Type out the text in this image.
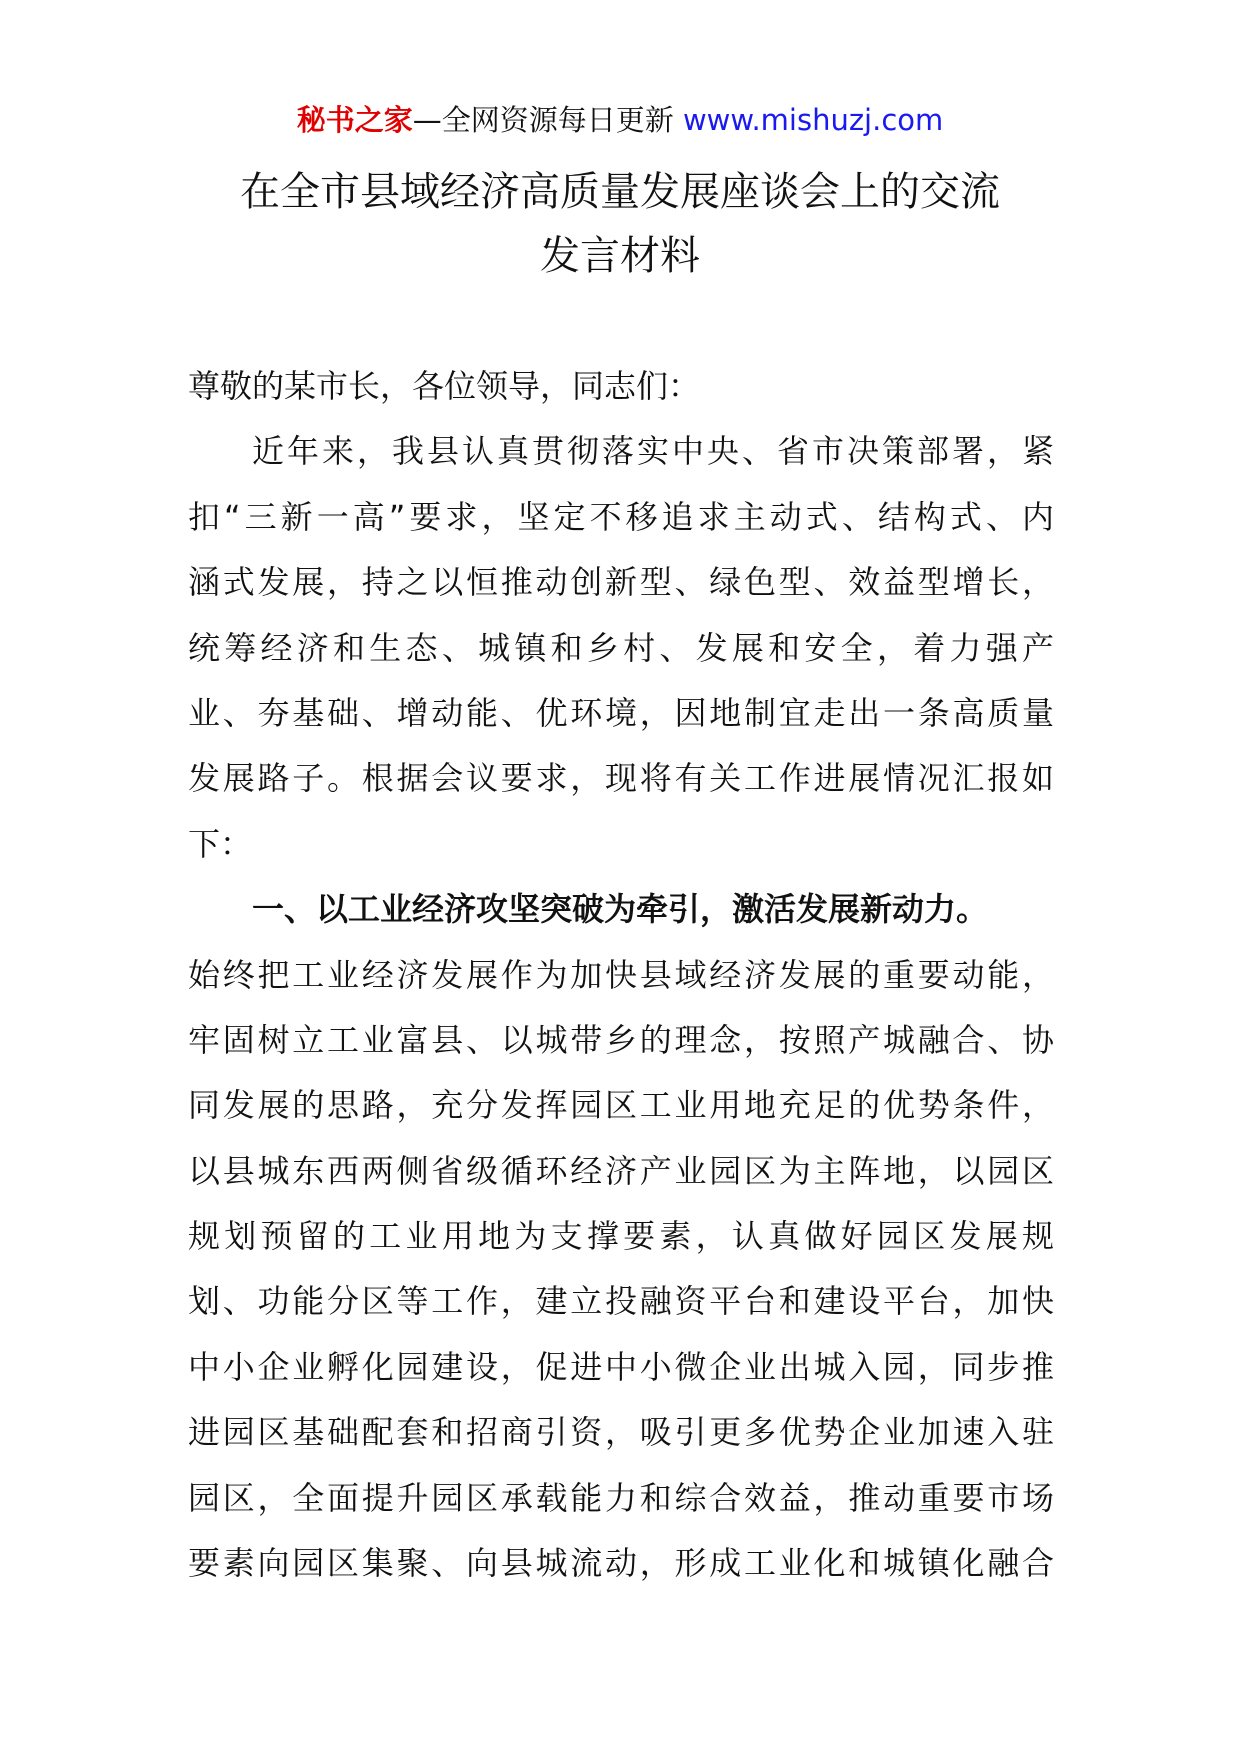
秘书之家—全网资源每日更新 www.mishuzj.com
在全市县域经济高质量发展座谈会上的交流
发言材料
尊敬的某市长，各位领导，同志们：
近年来，我县认真贯彻落实中央、省市决策部署，紧
扣“三新一高”要求，坚定不移追求主动式、结构式、内
涵式发展，持之以恒推动创新型、绿色型、效益型增长，
统筹经济和生态、城镇和乡村、发展和安全，着力强产
业、夯基础、增动能、优环境，因地制宜走出一条高质量
发展路子。根据会议要求，现将有关工作进展情况汇报如
下：
一、以工业经济攻坚突破为牵引，激活发展新动力。
始终把工业经济发展作为加快县域经济发展的重要动能，
牢固树立工业富县、以城带乡的理念，按照产城融合、协
同发展的思路，充分发挥园区工业用地充足的优势条件，
以县城东西两侧省级循环经济产业园区为主阵地，以园区
规划预留的工业用地为支撑要素，认真做好园区发展规
划、功能分区等工作，建立投融资平台和建设平台，加快
中小企业孵化园建设，促进中小微企业出城入园，同步推
进园区基础配套和招商引资，吸引更多优势企业加速入驻
园区，全面提升园区承载能力和综合效益，推动重要市场
要素向园区集聚、向县城流动，形成工业化和城镇化融合
